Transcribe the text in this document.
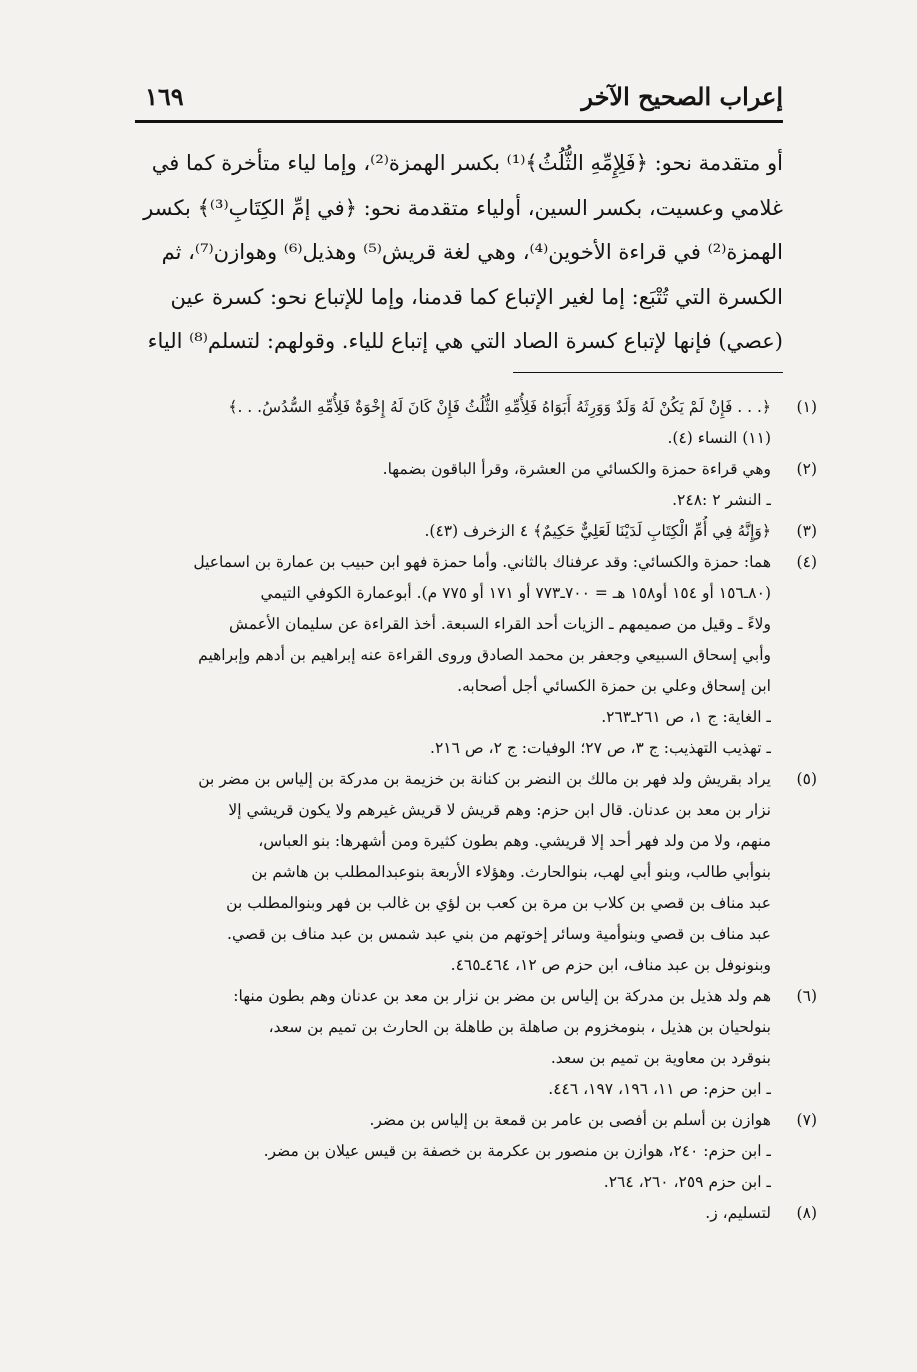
إعراب الصحيح الآخر
١٦٩
أو متقدمة نحو: ﴿فَلِإِمِّهِ الثُّلُثُ﴾⁽¹⁾ بكسر الهمزة⁽²⁾، وإما لياء متأخرة كما في
غلامي وعسيت، بكسر السين، أولياء متقدمة نحو: ﴿في إمِّ الكِتَابِ⁽³⁾﴾ بكسر
الهمزة⁽²⁾ في قراءة الأخوين⁽⁴⁾، وهي لغة قريش⁽⁵⁾ وهذيل⁽⁶⁾ وهوازن⁽⁷⁾، ثم
الكسرة التي تُتْبَع: إما لغير الإتباع كما قدمنا، وإما للإتباع نحو: كسرة عين
(عصي) فإنها لإتباع كسرة الصاد التي هي إتباع للياء. وقولهم: لتسلم⁽⁸⁾ الياء
(١)
﴿. . . فَإِنْ لَمْ يَكُنْ لَهُ وَلَدٌ وَوَرِثَهُ أَبَوَاهُ فَلِأُمِّهِ الثُّلُثُ فَإِنْ كَانَ لَهُ إِخْوَةٌ فَلِأُمِّهِ السُّدُسُ. . .﴾
(١١) النساء (٤).
(٢)
وهي قراءة حمزة والكسائي من العشرة، وقرأ الباقون بضمها.
ـ النشر ٢ :٢٤٨.
(٣)
﴿وَإِنَّهُ فِي أُمِّ الْكِتَابِ لَدَيْنَا لَعَلِيٌّ حَكِيمٌ﴾ ٤ الزخرف (٤٣).
(٤)
هما: حمزة والكسائي: وقد عرفناك بالثاني. وأما حمزة فهو ابن حبيب بن عمارة بن اسماعيل
(٨٠ـ١٥٦ أو ١٥٤ أو١٥٨ هـ = ٧٠٠ـ٧٧٣ أو ١٧١ أو ٧٧٥ م). أبوعمارة الكوفي التيمي
ولاءً ـ وقيل من صميمهم ـ الزيات أحد القراء السبعة. أخذ القراءة عن سليمان الأعمش
وأبي إسحاق السبيعي وجعفر بن محمد الصادق وروى القراءة عنه إبراهيم بن أدهم وإبراهيم
ابن إسحاق وعلي بن حمزة الكسائي أجل أصحابه.
ـ الغاية: ج ١، ص ٢٦١ـ٢٦٣.
ـ تهذيب التهذيب: ج ٣، ص ٢٧؛ الوفيات: ج ٢، ص ٢١٦.
(٥)
يراد بقريش ولد فهر بن مالك بن النضر بن كنانة بن خزيمة بن مدركة بن إلياس بن مضر بن
نزار بن معد بن عدنان. قال ابن حزم: وهم قريش لا قريش غيرهم ولا يكون قريشي إلا
منهم، ولا من ولد فهر أحد إلا قريشي. وهم بطون كثيرة ومن أشهرها: بنو العباس،
بنوأبي طالب، وبنو أبي لهب، بنوالحارث. وهؤلاء الأربعة بنوعبدالمطلب بن هاشم بن
عبد مناف بن قصي بن كلاب بن مرة بن كعب بن لؤي بن غالب بن فهر وبنوالمطلب بن
عبد مناف بن قصي وبنوأمية وسائر إخوتهم من بني عبد شمس بن عبد مناف بن قصي.
وبنونوفل بن عبد مناف، ابن حزم ص ١٢، ٤٦٤ـ٤٦٥.
(٦)
هم ولد هذيل بن مدركة بن إلياس بن مضر بن نزار بن معد بن عدنان وهم بطون منها:
بنولحيان بن هذيل ، بنومخزوم بن صاهلة بن طاهلة بن الحارث بن تميم بن سعد،
بنوقرد بن معاوية بن تميم بن سعد.
ـ ابن حزم: ص ١١، ١٩٦، ١٩٧، ٤٤٦.
(٧)
هوازن بن أسلم بن أفصى بن عامر بن قمعة بن إلياس بن مضر.
ـ ابن حزم: ٢٤٠، هوازن بن منصور بن عكرمة بن خصفة بن قيس عيلان بن مضر.
ـ ابن حزم ٢٥٩، ٢٦٠، ٢٦٤.
(٨)
لتسليم، ز.
